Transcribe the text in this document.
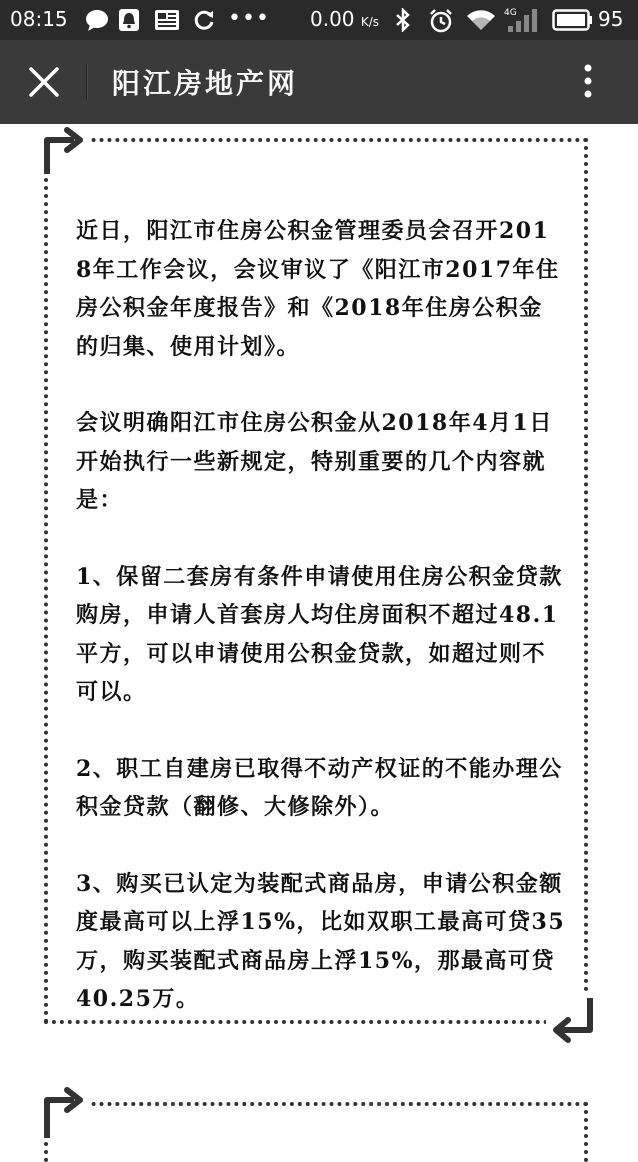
08:15	••• 0.00 K/s
4G	95
阳江房地产网

近日，阳江市住房公积金管理委员会召开2018年工作会议，会议审议了《阳江市2017年住房公积金年度报告》和《2018年住房公积金的归集、使用计划》。

会议明确阳江市住房公积金从2018年4月1日开始执行一些新规定，特别重要的几个内容就是：

1、保留二套房有条件申请使用住房公积金贷款购房，申请人首套房人均住房面积不超过48.1平方，可以申请使用公积金贷款，如超过则不可以。

2、职工自建房已取得不动产权证的不能办理公积金贷款（翻修、大修除外）。

3、购买已认定为装配式商品房，申请公积金额度最高可以上浮15%，比如双职工最高可贷35万，购买装配式商品房上浮15%，那最高可贷40.25万。
